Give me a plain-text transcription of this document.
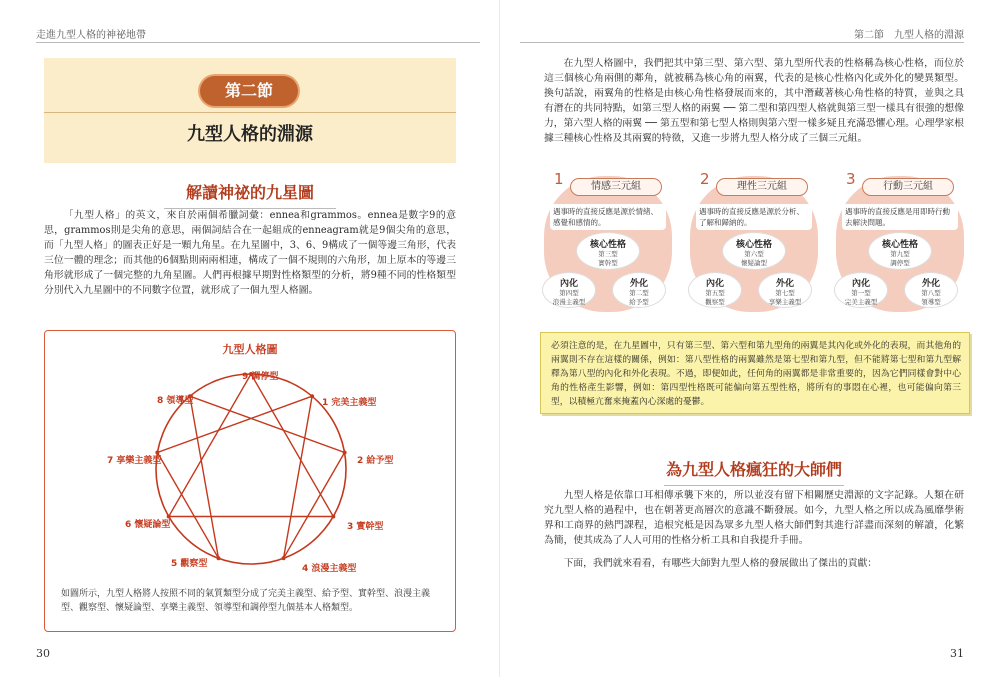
走進九型人格的神祕地帶
第二節
九型人格的淵源
解讀神祕的九星圖
「九型人格」的英文，來自於兩個希臘詞彙：ennea和grammos。ennea是數字9的意思，grammos則是尖角的意思，兩個詞結合在一起組成的enneagram就是9個尖角的意思，而「九型人格」的圖表正好是一顆九角星。在九星圖中，3、6、9構成了一個等邊三角形，代表三位一體的理念；而其他的6個點則兩兩相連，構成了一個不規則的六角形，加上原本的等邊三角形就形成了一個完整的九角星圖。人們再根據早期對性格類型的分析，將9種不同的性格類型分別代入九星圖中的不同數字位置，就形成了一個九型人格圖。
九型人格圖
9 調停型
1 完美主義型
2 給予型
3 實幹型
4 浪漫主義型
5 觀察型
6 懷疑論型
7 享樂主義型
8 領導型
如圖所示，九型人格將人按照不同的氣質類型分成了完美主義型、給予型、實幹型、浪漫主義型、觀察型、懷疑論型、享樂主義型、領導型和調停型九個基本人格類型。
30
第二節　九型人格的淵源
31
在九型人格圖中，我們把其中第三型、第六型、第九型所代表的性格稱為核心性格，而位於這三個核心角兩側的鄰角，就被稱為核心角的兩翼，代表的是核心性格內化或外化的變異類型。換句話說，兩翼角的性格是由核心角性格發展而來的，其中潛藏著核心角性格的特質，並與之具有潛在的共同特點，如第三型人格的兩翼 ── 第二型和第四型人格就與第三型一樣具有很強的想像力，第六型人格的兩翼 ── 第五型和第七型人格則與第六型一樣多疑且充滿恐懼心理。心理學家根據三種核心性格及其兩翼的特徵，又進一步將九型人格分成了三個三元組。
1	情感三元組
遇事時的直接反應是源於情緒、感覺和感情的。
核心性格
第三型
實幹型
內化
第四型
浪漫主義型
外化
第二型
給予型
2	理性三元組
遇事時的直接反應是源於分析、了解和歸納的。
核心性格
第六型
懷疑論型
內化
第五型
觀察型
外化
第七型
享樂主義型
3	行動三元組
遇事時的直接反應是用即時行動去解決問題。
核心性格
第九型
調停型
內化
第一型
完美主義型
外化
第八型
領導型
必須注意的是，在九星圖中，只有第三型、第六型和第九型角的兩翼是其內化或外化的表現，而其他角的兩翼則不存在這樣的關係，例如：第八型性格的兩翼雖然是第七型和第九型，但不能將第七型和第九型解釋為第八型的內化和外化表現。不過，即便如此，任何角的兩翼都是非常重要的，因為它們同樣會對中心角的性格產生影響，例如：第四型性格既可能偏向第五型性格，將所有的事悶在心裡，也可能偏向第三型，以積極亢奮來掩蓋內心深處的憂鬱。
為九型人格瘋狂的大師們
九型人格是依靠口耳相傳承襲下來的，所以並沒有留下相關歷史淵源的文字記錄。人類在研究九型人格的過程中，也在朝著更高層次的意識不斷發展。如今，九型人格之所以成為風靡學術界和工商界的熱門課程，追根究柢是因為眾多九型人格大師們對其進行詳盡而深刻的解讀，化繁為簡，使其成為了人人可用的性格分析工具和自我提升手冊。
下面，我們就來看看，有哪些大師對九型人格的發展做出了傑出的貢獻：
